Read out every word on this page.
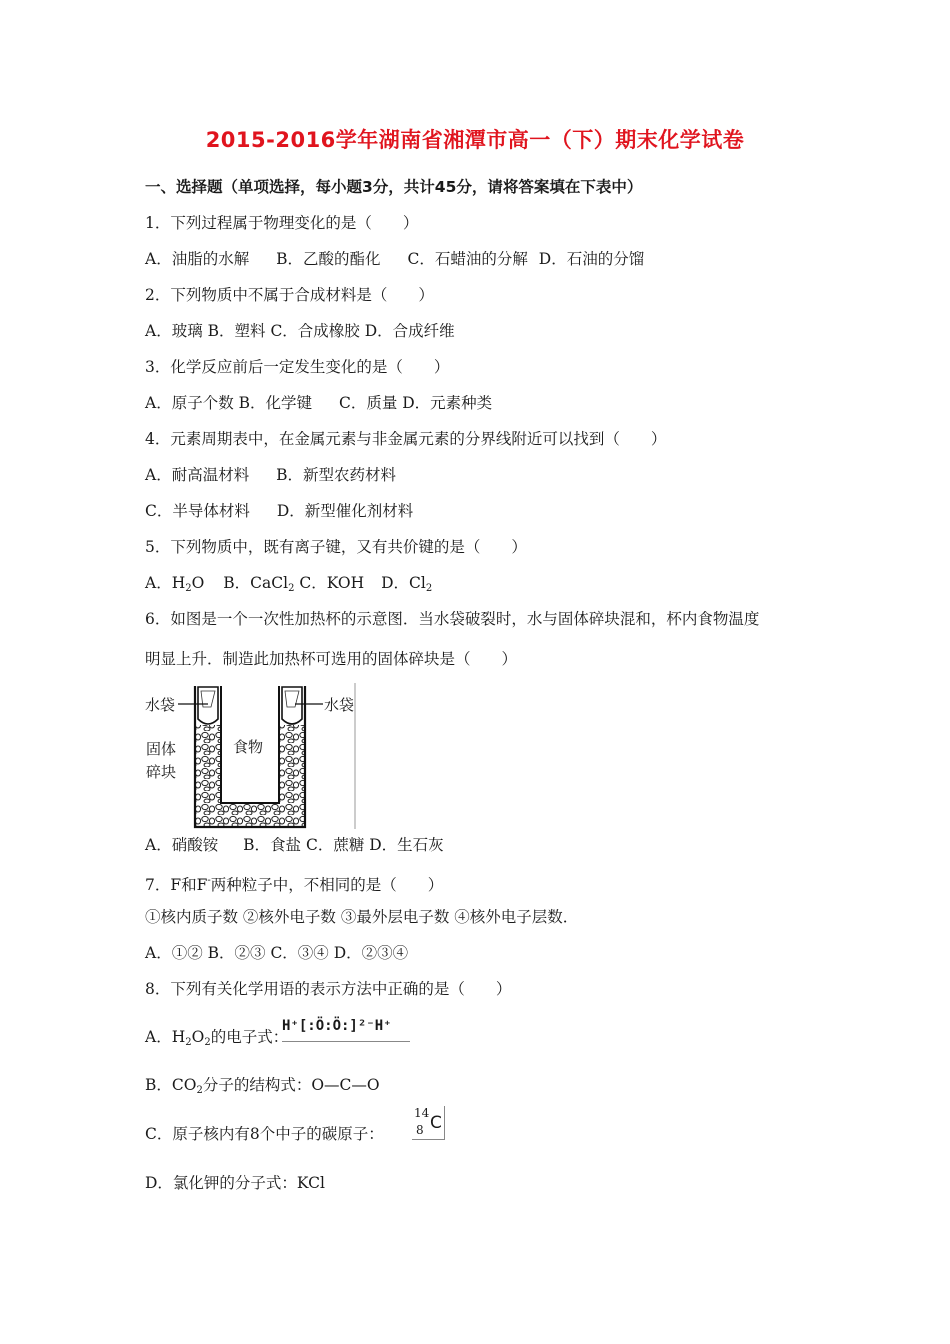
2015-2016学年湖南省湘潭市高一（下）期末化学试卷
一、选择题（单项选择，每小题3分，共计45分，请将答案填在下表中）
1．下列过程属于物理变化的是（　　）
A．油脂的水解 B．乙酸的酯化 C．石蜡油的分解 D．石油的分馏
2．下列物质中不属于合成材料是（　　）
A．玻璃 B．塑料 C．合成橡胶 D．合成纤维
3．化学反应前后一定发生变化的是（　　）
A．原子个数 B．化学键 C．质量 D．元素种类
4．元素周期表中，在金属元素与非金属元素的分界线附近可以找到（　　）
A．耐高温材料 B．新型农药材料
C．半导体材料 D．新型催化剂材料
5．下列物质中，既有离子键，又有共价键的是（　　）
A．$H_2O$ B．CaCl$_2$ C．KOH D．$Cl_2$
6．如图是一个一次性加热杯的示意图．当水袋破裂时，水与固体碎块混和，杯内食物温度
明显上升．制造此加热杯可选用的固体碎块是（　　）
水袋	水袋
食物
固体
碎块
A．硝酸铵 B．食盐 C．蔗糖 D．生石灰
7．F和F-两种粒子中，不相同的是（　　）
①核内质子数 ②核外电子数 ③最外层电子数 ④核外电子层数．
A．①② B．②③ C．③④ D．②③④
8．下列有关化学用语的表示方法中正确的是（　　）
A．$H_2O_2$的电子式：
H⁺[:Ö:Ö:]²⁻H⁺
B．$CO_2$分子的结构式：O—C—O
C．原子核内有8个中子的碳原子：
14
8 C
D．氯化钾的分子式：KCl
